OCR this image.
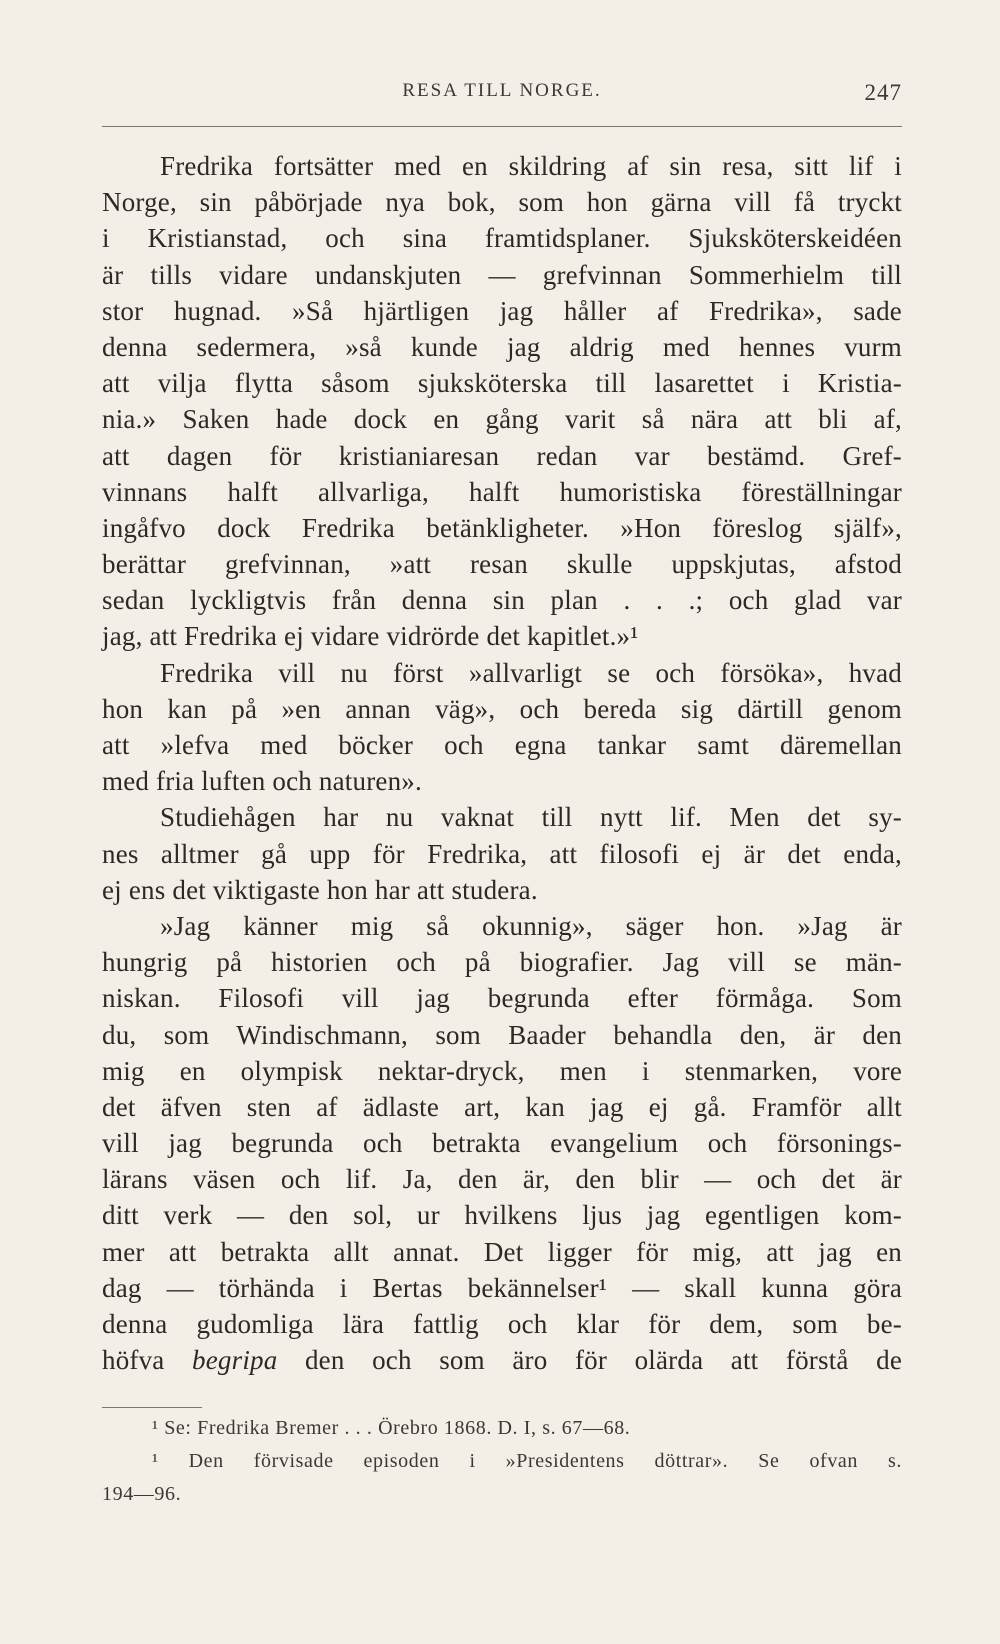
RESA TILL NORGE.	247
Fredrika fortsätter med en skildring af sin resa, sitt lif i
Norge, sin påbörjade nya bok, som hon gärna vill få tryckt
i Kristianstad, och sina framtidsplaner. Sjuksköterskeidéen
är tills vidare undanskjuten — grefvinnan Sommerhielm till
stor hugnad. »Så hjärtligen jag håller af Fredrika», sade
denna sedermera, »så kunde jag aldrig med hennes vurm
att vilja flytta såsom sjuksköterska till lasarettet i Kristia-
nia.» Saken hade dock en gång varit så nära att bli af,
att dagen för kristianiaresan redan var bestämd. Gref-
vinnans halft allvarliga, halft humoristiska föreställningar
ingåfvo dock Fredrika betänkligheter. »Hon föreslog själf»,
berättar grefvinnan, »att resan skulle uppskjutas, afstod
sedan lyckligtvis från denna sin plan . . .; och glad var
jag, att Fredrika ej vidare vidrörde det kapitlet.»¹
Fredrika vill nu först »allvarligt se och försöka», hvad
hon kan på »en annan väg», och bereda sig därtill genom
att »lefva med böcker och egna tankar samt däremellan
med fria luften och naturen».
Studiehågen har nu vaknat till nytt lif. Men det sy-
nes alltmer gå upp för Fredrika, att filosofi ej är det enda,
ej ens det viktigaste hon har att studera.
»Jag känner mig så okunnig», säger hon. »Jag är
hungrig på historien och på biografier. Jag vill se män-
niskan. Filosofi vill jag begrunda efter förmåga. Som
du, som Windischmann, som Baader behandla den, är den
mig en olympisk nektar-dryck, men i stenmarken, vore
det äfven sten af ädlaste art, kan jag ej gå. Framför allt
vill jag begrunda och betrakta evangelium och försonings-
lärans väsen och lif. Ja, den är, den blir — och det är
ditt verk — den sol, ur hvilkens ljus jag egentligen kom-
mer att betrakta allt annat. Det ligger för mig, att jag en
dag — törhända i Bertas bekännelser¹ — skall kunna göra
denna gudomliga lära fattlig och klar för dem, som be-
höfva begripa den och som äro för olärda att förstå de
¹ Se: Fredrika Bremer . . . Örebro 1868. D. I, s. 67—68.
¹ Den förvisade episoden i »Presidentens döttrar». Se ofvan s.
194—96.
